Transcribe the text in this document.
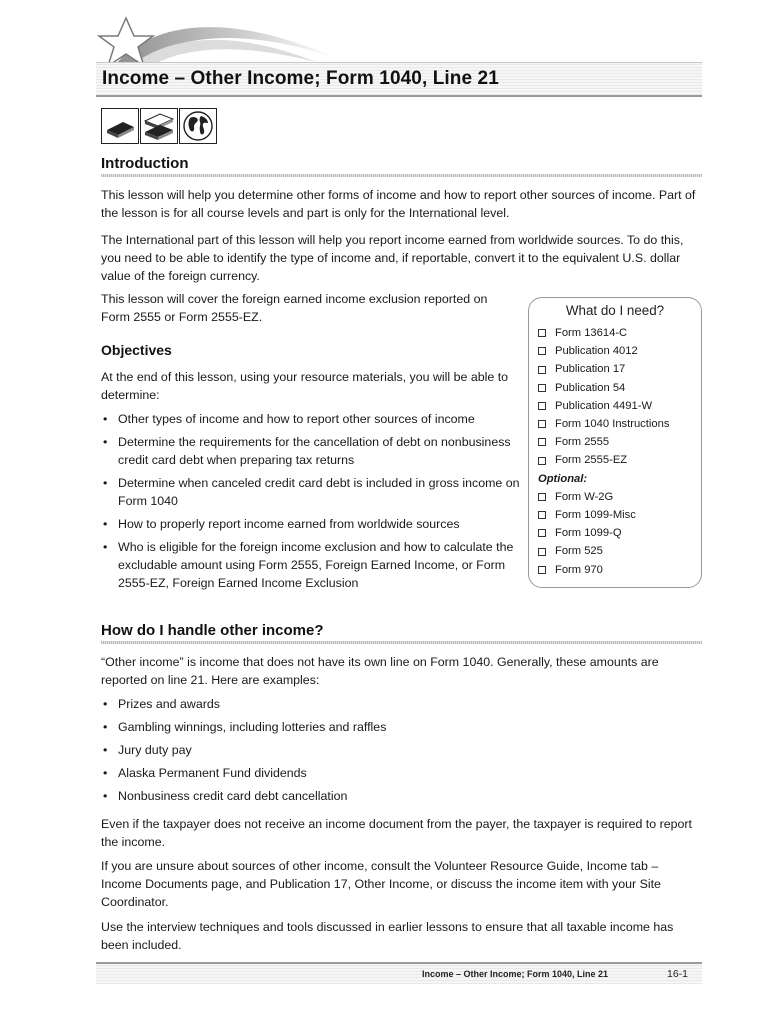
Income – Other Income; Form 1040, Line 21
Introduction
This lesson will help you determine other forms of income and how to report other sources of income. Part of the lesson is for all course levels and part is only for the International level.
The International part of this lesson will help you report income earned from worldwide sources. To do this, you need to be able to identify the type of income and, if reportable, convert it to the equivalent U.S. dollar value of the foreign currency.
This lesson will cover the foreign earned income exclusion reported on Form 2555 or Form 2555-EZ.
Objectives
At the end of this lesson, using your resource materials, you will be able to determine:
• Other types of income and how to report other sources of income
• Determine the requirements for the cancellation of debt on nonbusiness credit card debt when preparing tax returns
• Determine when canceled credit card debt is included in gross income on Form 1040
• How to properly report income earned from worldwide sources
• Who is eligible for the foreign income exclusion and how to calculate the excludable amount using Form 2555, Foreign Earned Income, or Form 2555-EZ, Foreign Earned Income Exclusion
What do I need?
Form 13614-C
Publication 4012
Publication 17
Publication 54
Publication 4491-W
Form 1040 Instructions
Form 2555
Form 2555-EZ
Optional:
Form W-2G
Form 1099-Misc
Form 1099-Q
Form 525
Form 970
How do I handle other income?
“Other income” is income that does not have its own line on Form 1040. Generally, these amounts are reported on line 21. Here are examples:
• Prizes and awards
• Gambling winnings, including lotteries and raffles
• Jury duty pay
• Alaska Permanent Fund dividends
• Nonbusiness credit card debt cancellation
Even if the taxpayer does not receive an income document from the payer, the taxpayer is required to report the income.
If you are unsure about sources of other income, consult the Volunteer Resource Guide, Income tab – Income Documents page, and Publication 17, Other Income, or discuss the income item with your Site Coordinator.
Use the interview techniques and tools discussed in earlier lessons to ensure that all taxable income has been included.
Income – Other Income; Form 1040, Line 21	16-1
